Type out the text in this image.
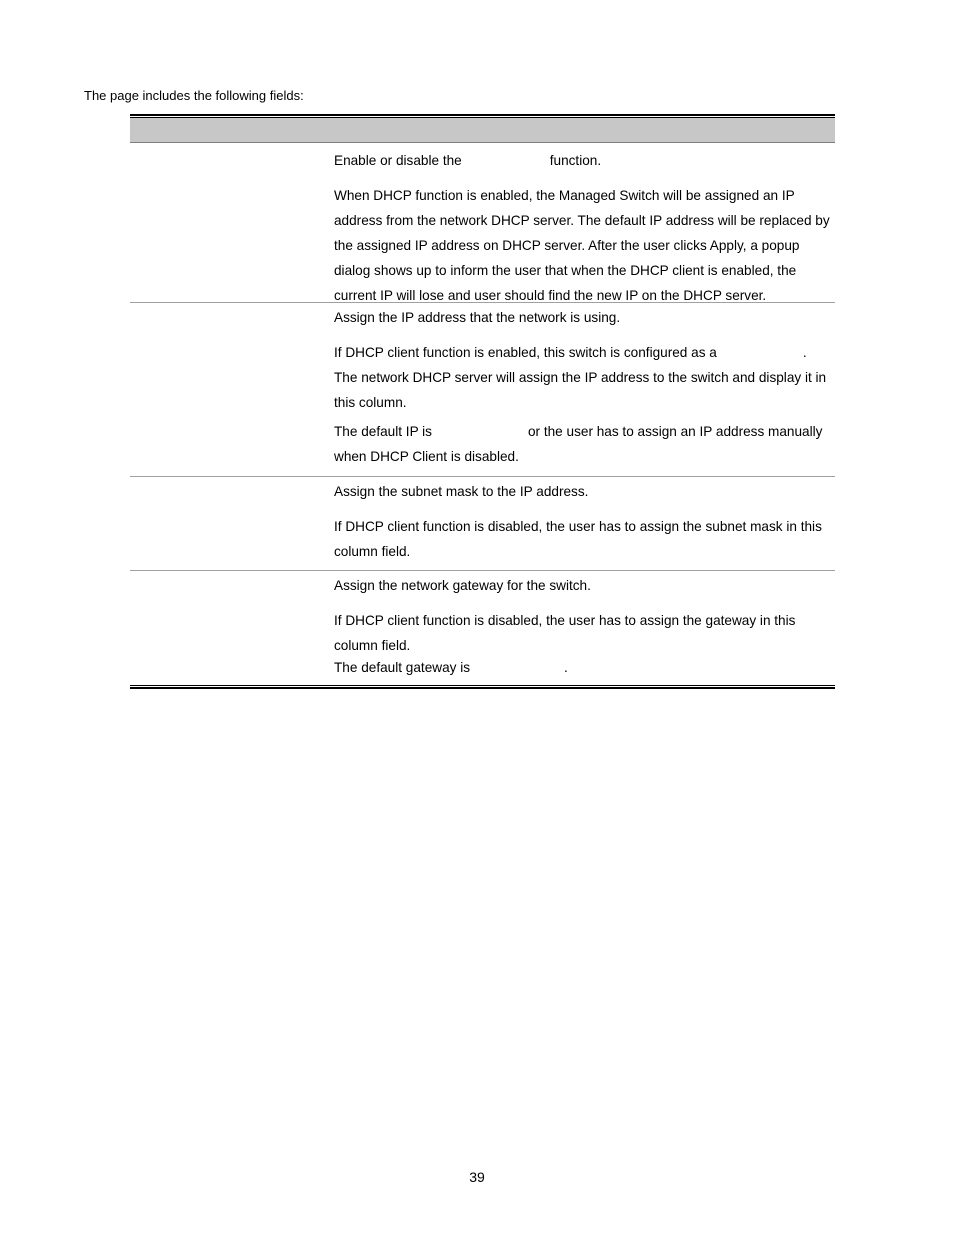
The page includes the following fields:

Enable or disable the	function.

When DHCP function is enabled, the Managed Switch will be assigned an IP address from the network DHCP server. The default IP address will be replaced by the assigned IP address on DHCP server. After the user clicks Apply, a popup dialog shows up to inform the user that when the DHCP client is enabled, the current IP will lose and user should find the new IP on the DHCP server.

Assign the IP address that the network is using.

If DHCP client function is enabled, this switch is configured as a	.

The network DHCP server will assign the IP address to the switch and display it in this column.

The default IP is	or the user has to assign an IP address manually when DHCP Client is disabled.

Assign the subnet mask to the IP address.

If DHCP client function is disabled, the user has to assign the subnet mask in this column field.

Assign the network gateway for the switch.

If DHCP client function is disabled, the user has to assign the gateway in this column field.

The default gateway is	.

39
